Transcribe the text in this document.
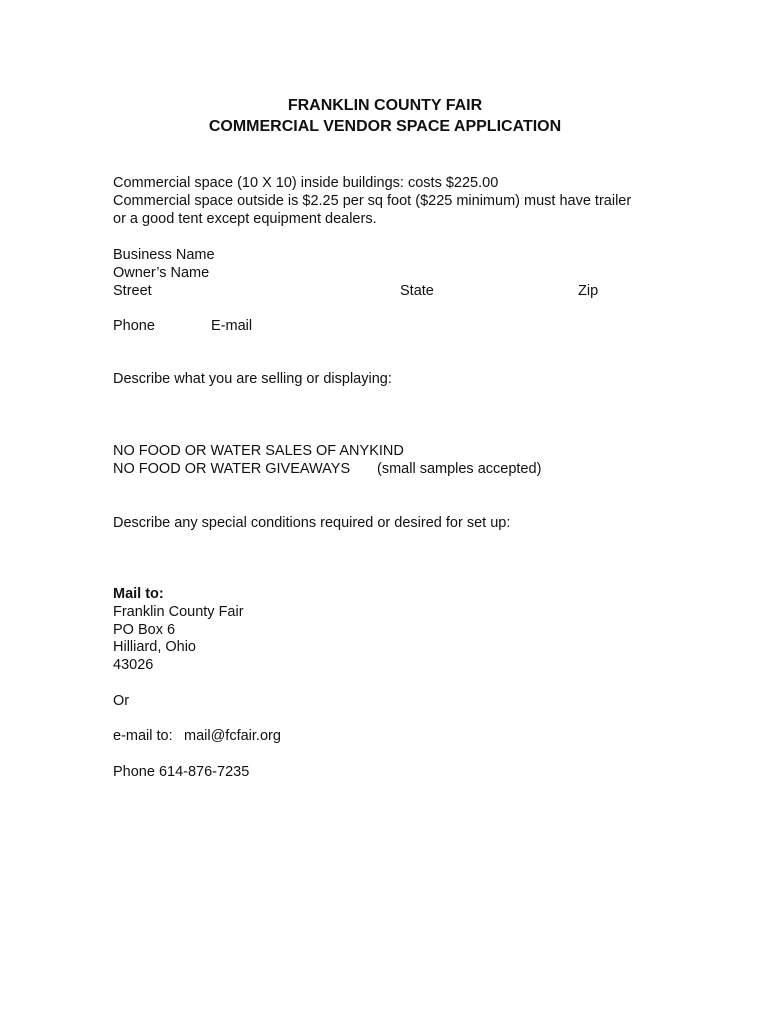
FRANKLIN COUNTY FAIR
COMMERCIAL VENDOR SPACE APPLICATION
Commercial space (10 X 10) inside buildings: costs $225.00
Commercial space outside is $2.25 per sq foot ($225 minimum) must have trailer
or a good tent except equipment dealers.
Business Name
Owner’s Name
Street	State	Zip
Phone	E-mail
Describe what you are selling or displaying:
NO FOOD OR WATER SALES OF ANYKIND
NO FOOD OR WATER GIVEAWAYS (small samples accepted)
Describe any special conditions required or desired for set up:
Mail to:
Franklin County Fair
PO Box 6
Hilliard, Ohio
43026
Or
e-mail to: mail@fcfair.org
Phone 614-876-7235
